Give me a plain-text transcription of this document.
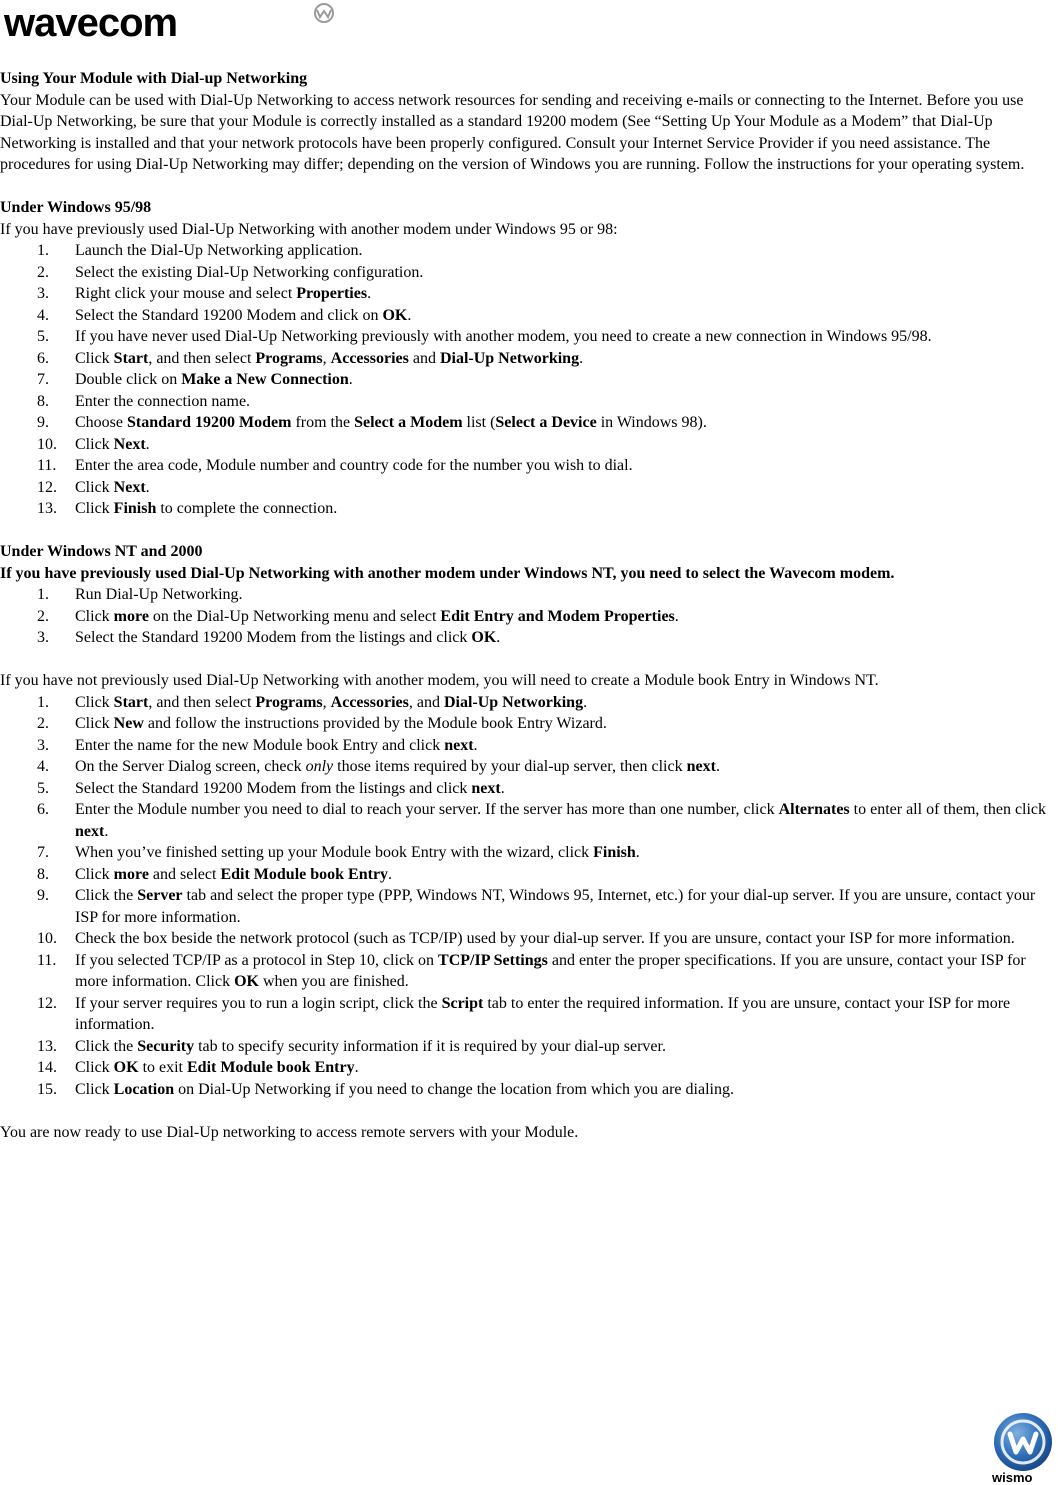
wavecom
Using Your Module with Dial-up Networking

Your Module can be used with Dial-Up Networking to access network resources for sending and receiving e-mails or connecting to the Internet. Before you use Dial-Up Networking, be sure that your Module is correctly installed as a standard 19200 modem (See “Setting Up Your Module as a Modem” that Dial-Up Networking is installed and that your network protocols have been properly configured. Consult your Internet Service Provider if you need assistance. The procedures for using Dial-Up Networking may differ; depending on the version of Windows you are running. Follow the instructions for your operating system.

Under Windows 95/98

If you have previously used Dial-Up Networking with another modem under Windows 95 or 98:

1. Launch the Dial-Up Networking application.
2. Select the existing Dial-Up Networking configuration.
3. Right click your mouse and select Properties.
4. Select the Standard 19200 Modem and click on OK.
5. If you have never used Dial-Up Networking previously with another modem, you need to create a new connection in Windows 95/98.
6. Click Start, and then select Programs, Accessories and Dial-Up Networking.
7. Double click on Make a New Connection.
8. Enter the connection name.
9. Choose Standard 19200 Modem from the Select a Modem list (Select a Device in Windows 98).
10. Click Next.
11. Enter the area code, Module number and country code for the number you wish to dial.
12. Click Next.
13. Click Finish to complete the connection.
Under Windows NT and 2000

If you have previously used Dial-Up Networking with another modem under Windows NT, you need to select the Wavecom modem.

1. Run Dial-Up Networking.
2. Click more on the Dial-Up Networking menu and select Edit Entry and Modem Properties.
3. Select the Standard 19200 Modem from the listings and click OK.

If you have not previously used Dial-Up Networking with another modem, you will need to create a Module book Entry in Windows NT.

1. Click Start, and then select Programs, Accessories, and Dial-Up Networking.
2. Click New and follow the instructions provided by the Module book Entry Wizard.
3. Enter the name for the new Module book Entry and click next.
4. On the Server Dialog screen, check only those items required by your dial-up server, then click next.
5. Select the Standard 19200 Modem from the listings and click next.
6. Enter the Module number you need to dial to reach your server. If the server has more than one number, click Alternates to enter all of them, then click next.
7. When you’ve finished setting up your Module book Entry with the wizard, click Finish.
8. Click more and select Edit Module book Entry.
9. Click the Server tab and select the proper type (PPP, Windows NT, Windows 95, Internet, etc.) for your dial-up server. If you are unsure, contact your ISP for more information.
10. Check the box beside the network protocol (such as TCP/IP) used by your dial-up server. If you are unsure, contact your ISP for more information.
11. If you selected TCP/IP as a protocol in Step 10, click on TCP/IP Settings and enter the proper specifications. If you are unsure, contact your ISP for more information. Click OK when you are finished.
12. If your server requires you to run a login script, click the Script tab to enter the required information. If you are unsure, contact your ISP for more information.
13. Click the Security tab to specify security information if it is required by your dial-up server.
14. Click OK to exit Edit Module book Entry.
15. Click Location on Dial-Up Networking if you need to change the location from which you are dialing.

You are now ready to use Dial-Up networking to access remote servers with your Module.

wismo
